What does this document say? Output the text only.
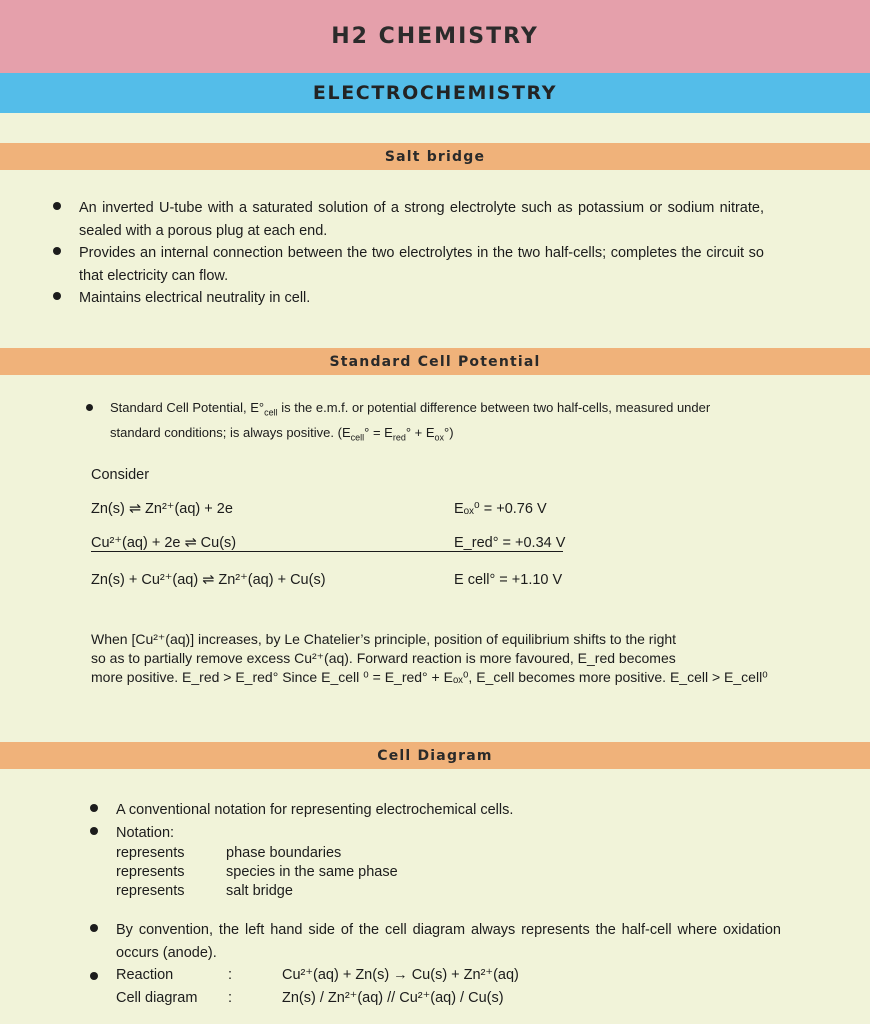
H2 CHEMISTRY
ELECTROCHEMISTRY
Salt bridge
An inverted U-tube with a saturated solution of a strong electrolyte such as potassium or sodium nitrate, sealed with a porous plug at each end.
Provides an internal connection between the two electrolytes in the two half-cells; completes the circuit so that electricity can flow.
Maintains electrical neutrality in cell.
Standard Cell Potential
Standard Cell Potential, $E^\circ_{cell}$ is the e.m.f. or potential difference between two half-cells, measured under standard conditions; is always positive. $(E_{cell}^\circ = E_{red}^\circ + E_{ox}^\circ)$
Consider
Zn(s) ⇌ Zn²⁺(aq) + 2e	Eₒₓ⁰ = +0.76 V
Cu²⁺(aq) + 2e ⇌ Cu(s)	E_red° = +0.34 V
Zn(s) + Cu²⁺(aq) ⇌ Zn²⁺(aq) + Cu(s)	E cell° = +1.10 V
When [Cu²⁺(aq)] increases, by Le Chatelier’s principle, position of equilibrium shifts to the right
so as to partially remove excess Cu²⁺(aq). Forward reaction is more favoured, E_red becomes
more positive. E_red > E_red° Since E_cell ⁰ = E_red° + Eₒₓ⁰, E_cell becomes more positive. E_cell > E_cell⁰
Cell Diagram
A conventional notation for representing electrochemical cells.
Notation:
represents	phase boundaries
represents	species in the same phase
represents	salt bridge
By convention, the left hand side of the cell diagram always represents the half-cell where oxidation occurs (anode).
Reaction	:	Cu²⁺(aq) + Zn(s) → Cu(s) + Zn²⁺(aq)
Cell diagram :	Zn(s) / Zn²⁺(aq) // Cu²⁺(aq) / Cu(s)
